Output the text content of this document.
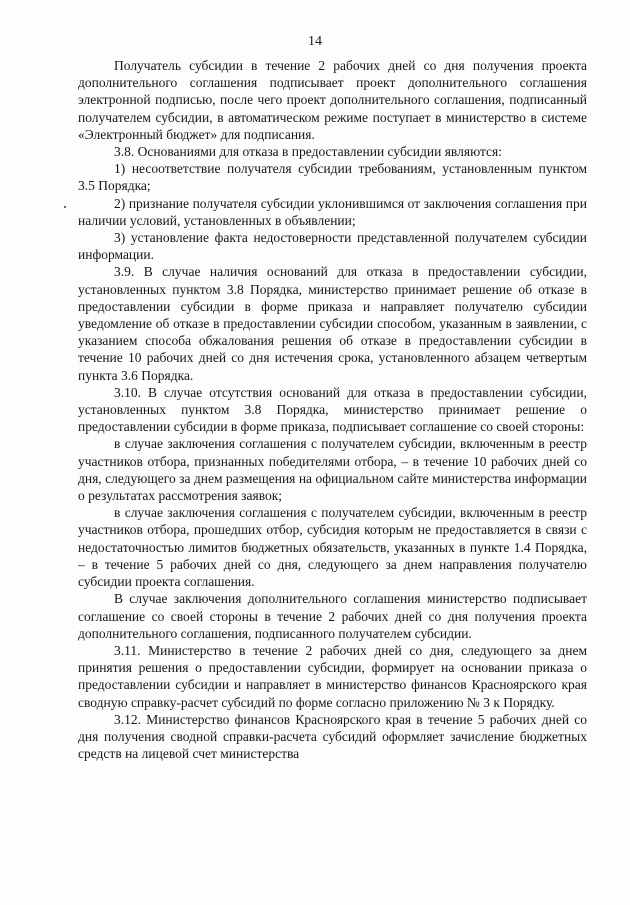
14

Получатель субсидии в течение 2 рабочих дней со дня получения проекта дополнительного соглашения подписывает проект дополнительного соглашения электронной подписью, после чего проект дополнительного соглашения, подписанный получателем субсидии, в автоматическом режиме поступает в министерство в системе «Электронный бюджет» для подписания.

3.8. Основаниями для отказа в предоставлении субсидии являются:

1) несоответствие получателя субсидии требованиям, установленным пунктом 3.5 Порядка;

2) признание получателя субсидии уклонившимся от заключения соглашения при наличии условий, установленных в объявлении;

3) установление факта недостоверности представленной получателем субсидии информации.

3.9. В случае наличия оснований для отказа в предоставлении субсидии, установленных пунктом 3.8 Порядка, министерство принимает решение об отказе в предоставлении субсидии в форме приказа и направляет получателю субсидии уведомление об отказе в предоставлении субсидии способом, указанным в заявлении, с указанием способа обжалования решения об отказе в предоставлении субсидии в течение 10 рабочих дней со дня истечения срока, установленного абзацем четвертым пункта 3.6 Порядка.

3.10. В случае отсутствия оснований для отказа в предоставлении субсидии, установленных пунктом 3.8 Порядка, министерство принимает решение о предоставлении субсидии в форме приказа, подписывает соглашение со своей стороны:

в случае заключения соглашения с получателем субсидии, включенным в реестр участников отбора, признанных победителями отбора, – в течение 10 рабочих дней со дня, следующего за днем размещения на официальном сайте министерства информации о результатах рассмотрения заявок;

в случае заключения соглашения с получателем субсидии, включенным в реестр участников отбора, прошедших отбор, субсидия которым не предоставляется в связи с недостаточностью лимитов бюджетных обязательств, указанных в пункте 1.4 Порядка, – в течение 5 рабочих дней со дня, следующего за днем направления получателю субсидии проекта соглашения.

В случае заключения дополнительного соглашения министерство подписывает соглашение со своей стороны в течение 2 рабочих дней со дня получения проекта дополнительного соглашения, подписанного получателем субсидии.

3.11. Министерство в течение 2 рабочих дней со дня, следующего за днем принятия решения о предоставлении субсидии, формирует на основании приказа о предоставлении субсидии и направляет в министерство финансов Красноярского края сводную справку-расчет субсидий по форме согласно приложению № 3 к Порядку.

3.12. Министерство финансов Красноярского края в течение 5 рабочих дней со дня получения сводной справки-расчета субсидий оформляет зачисление бюджетных средств на лицевой счет министерства
